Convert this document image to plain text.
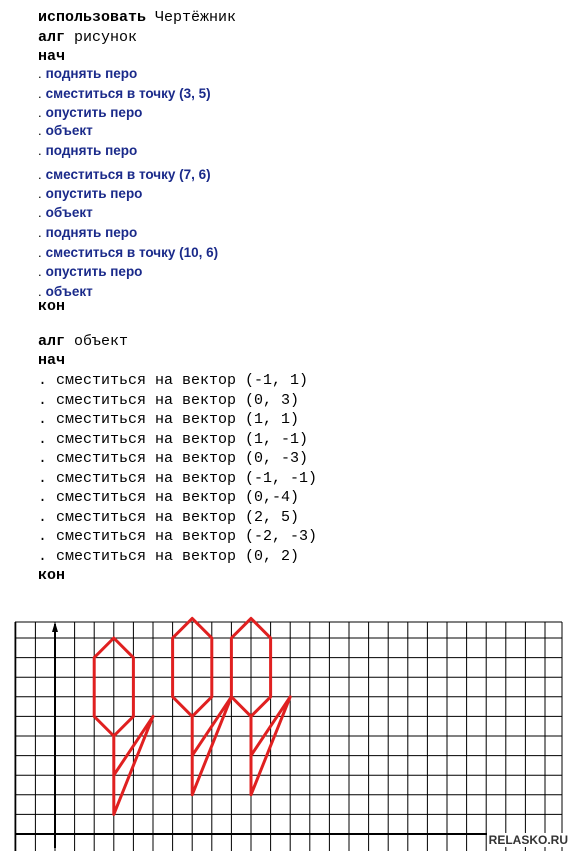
использовать Чертёжник
алг рисунок
нач
. поднять перо
. сместиться в точку (3, 5)
. опустить перо
. объект
. поднять перо
. сместиться в точку (7, 6)
. опустить перо
. объект
. поднять перо
. сместиться в точку (10, 6)
. опустить перо
. объект
кон
алг объект
нач
. сместиться на вектор (-1, 1)
. сместиться на вектор (0, 3)
. сместиться на вектор (1, 1)
. сместиться на вектор (1, -1)
. сместиться на вектор (0, -3)
. сместиться на вектор (-1, -1)
. сместиться на вектор (0,-4)
. сместиться на вектор (2, 5)
. сместиться на вектор (-2, -3)
. сместиться на вектор (0, 2)
кон
RELASKO.RU
